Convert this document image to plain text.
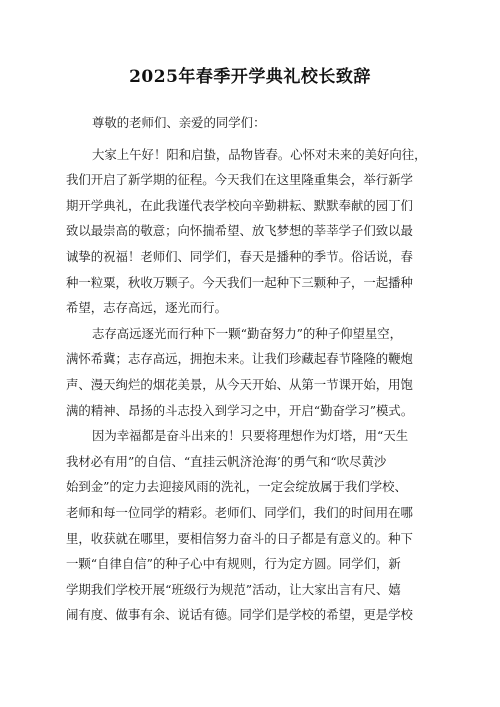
2025年春季开学典礼校长致辞
尊敬的老师们、亲爱的同学们：
大家上午好！阳和启蛰，品物皆春。心怀对未来的美好向往，
我们开启了新学期的征程。今天我们在这里隆重集会，举行新学
期开学典礼，在此我谨代表学校向辛勤耕耘、默默奉献的园丁们
致以最崇高的敬意；向怀揣希望、放飞梦想的莘莘学子们致以最
诚挚的祝福！老师们、同学们，春天是播种的季节。俗话说，春
种一粒粟，秋收万颗子。今天我们一起种下三颗种子，一起播种
希望，志存高远，逐光而行。
志存高远逐光而行种下一颗“勤奋努力”的种子仰望星空，
满怀希冀；志存高远，拥抱未来。让我们珍藏起春节隆隆的鞭炮
声、漫天绚烂的烟花美景，从今天开始、从第一节课开始，用饱
满的精神、昂扬的斗志投入到学习之中，开启“勤奋学习”模式。
因为幸福都是奋斗出来的！只要将理想作为灯塔，用“天生
我材必有用”的自信、“直挂云帆济沧海’的勇气和“吹尽黄沙
始到金”的定力去迎接风雨的洗礼，一定会绽放属于我们学校、
老师和每一位同学的精彩。老师们、同学们，我们的时间用在哪
里，收获就在哪里，要相信努力奋斗的日子都是有意义的。种下
一颗“自律自信”的种子心中有规则，行为定方圆。同学们，新
学期我们学校开展“班级行为规范”活动，让大家出言有尺、嬉
闹有度、做事有余、说话有德。同学们是学校的希望，更是学校
